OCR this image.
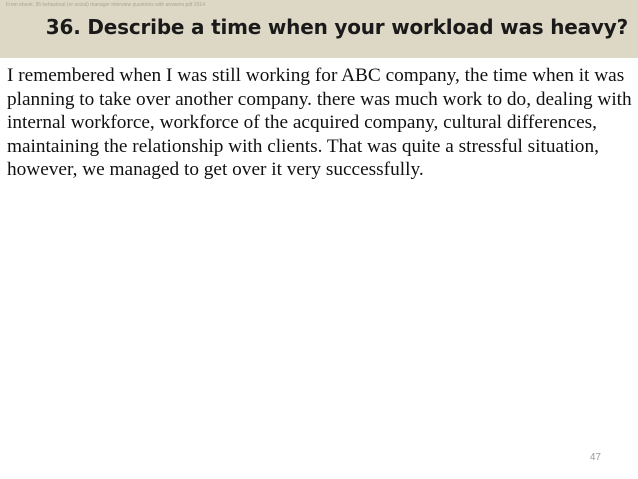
From ebook: 95 behavioral (or social) manager interview questions with answers pdf 2014
36. Describe a time when your workload was heavy?

I remembered when I was still working for ABC company, the time when it was planning to take over another company. there was much work to do, dealing with internal workforce, workforce of the acquired company, cultural differences, maintaining the relationship with clients. That was quite a stressful situation, however, we managed to get over it very successfully.

47
